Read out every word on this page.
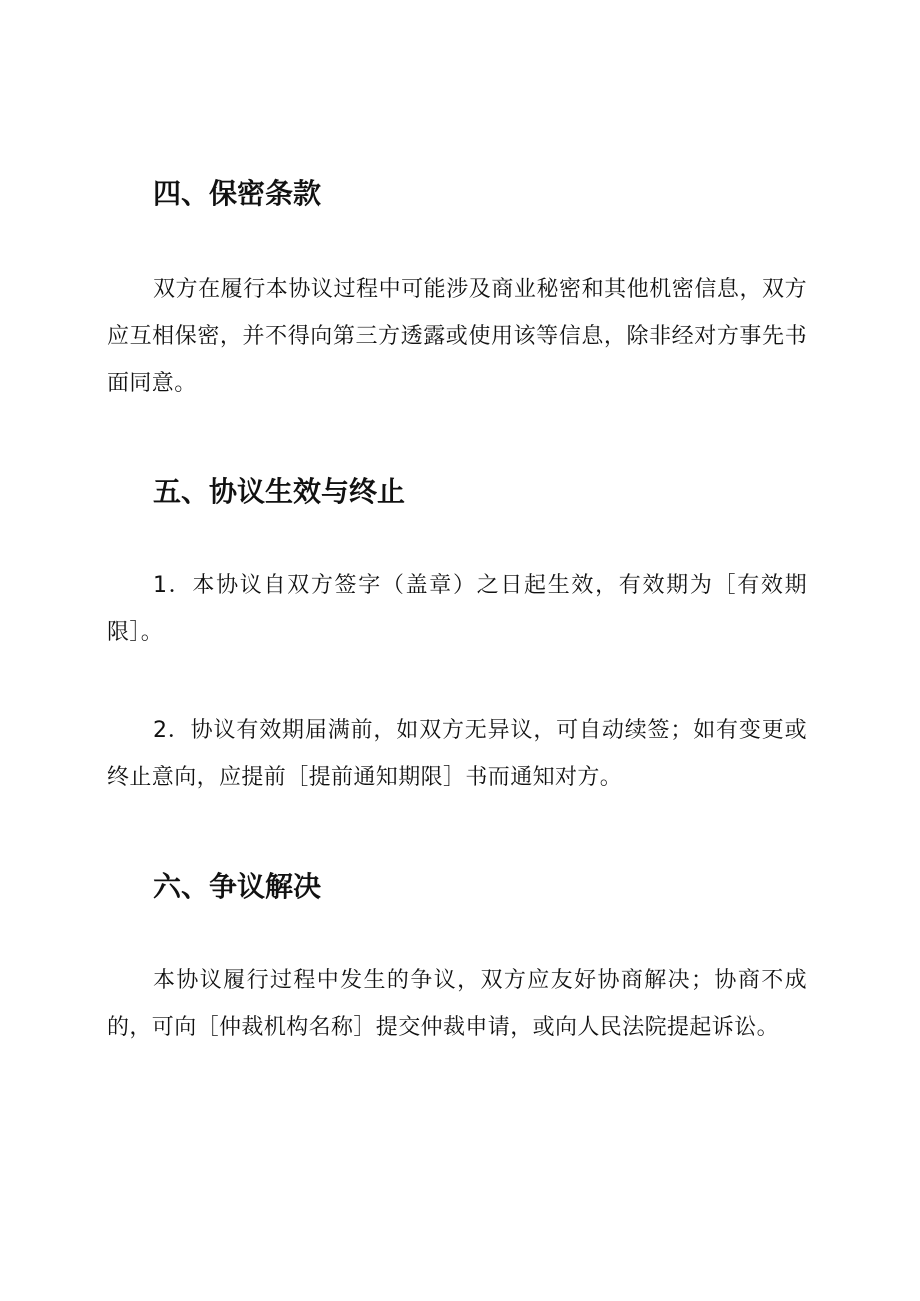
四、保密条款

双方在履行本协议过程中可能涉及商业秘密和其他机密信息，双方应互相保密，并不得向第三方透露或使用该等信息，除非经对方事先书面同意。

五、协议生效与终止

1．本协议自双方签字（盖章）之日起生效，有效期为［有效期限］。

2．协议有效期届满前，如双方无异议，可自动续签；如有变更或终止意向，应提前［提前通知期限］书而通知对方。

六、争议解决

本协议履行过程中发生的争议，双方应友好协商解决；协商不成的，可向［仲裁机构名称］提交仲裁申请，或向人民法院提起诉讼。
